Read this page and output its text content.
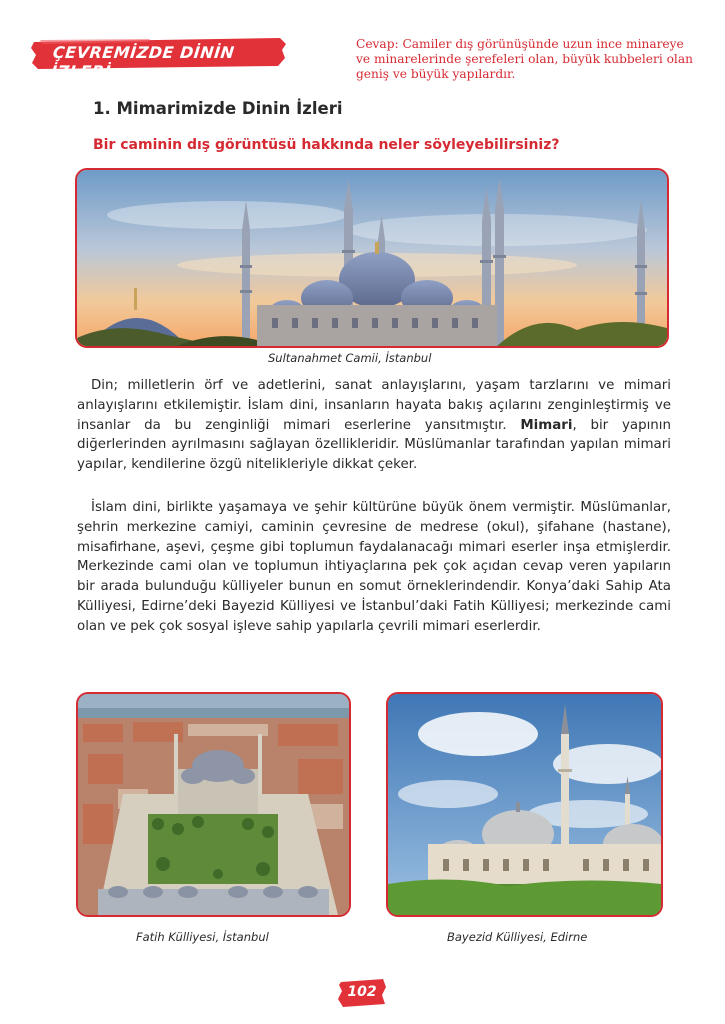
ÇEVREMİZDE DİNİN İZLERİ
Cevap: Camiler dış görünüşünde uzun ince minareye ve minarelerinde şerefeleri olan, büyük kubbeleri olan geniş ve büyük yapılardır.
1. Mimarimizde Dinin İzleri
Bir caminin dış görüntüsü hakkında neler söyleyebilirsiniz?
Sultanahmet Camii, İstanbul

Din; milletlerin örf ve adetlerini, sanat anlayışlarını, yaşam tarzlarını ve mimari anlayışlarını etkilemiştir. İslam dini, insanların hayata bakış açılarını zenginleştirmiş ve insanlar da bu zenginliği mimari eserlerine yansıtmıştır. Mimari, bir yapının diğerlerinden ayrılmasını sağlayan özellikleridir. Müslümanlar tarafından yapılan mimari yapılar, kendilerine özgü nitelikleriyle dikkat çeker.

İslam dini, birlikte yaşamaya ve şehir kültürüne büyük önem vermiştir. Müslümanlar, şehrin merkezine camiyi, caminin çevresine de medrese (okul), şifahane (hastane), misafirhane, aşevi, çeşme gibi toplumun faydalanacağı mimari eserler inşa etmişlerdir. Merkezinde cami olan ve toplumun ihtiyaçlarına pek çok açıdan cevap veren yapıların bir arada bulunduğu külliyeler bunun en somut örneklerindendir. Konya’daki Sahip Ata Külliyesi, Edirne’deki Bayezid Külliyesi ve İstanbul’daki Fatih Külliyesi; merkezinde cami olan ve pek çok sosyal işleve sahip yapılarla çevrili mimari eserlerdir.

Fatih Külliyesi, İstanbul	Bayezid Külliyesi, Edirne
102
